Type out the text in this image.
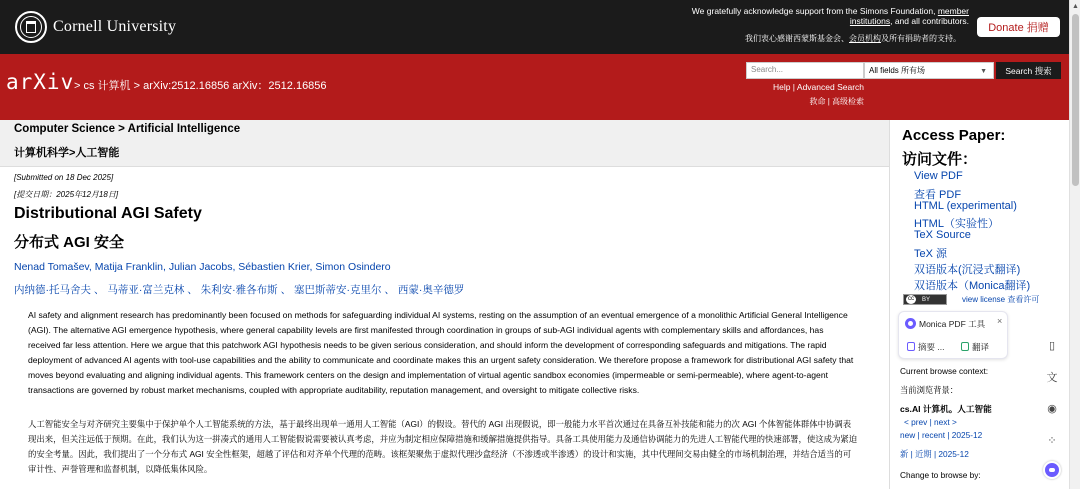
Cornell University
We gratefully acknowledge support from the Simons Foundation, member
institutions, and all contributors.
我们衷心感谢西蒙斯基金会、会员机构及所有捐助者的支持。
Donate 捐赠
arXiv > cs 计算机 > arXiv:2512.16856 arXiv：2512.16856
Search...	All fields 所有场	▼	Search 搜索
Help | Advanced Search
救命 | 高级检索
Computer Science > Artificial Intelligence
计算机科学>人工智能
[Submitted on 18 Dec 2025]
[提交日期：2025年12月18日]
Distributional AGI Safety
分布式 AGI 安全
Nenad Tomašev, Matija Franklin, Julian Jacobs, Sébastien Krier, Simon Osindero
内纳德·托马舍夫 、 马蒂亚·富兰克林 、 朱利安·雅各布斯 、 塞巴斯蒂安·克里尔 、 西蒙·奥辛德罗
AI safety and alignment research has predominantly been focused on methods for safeguarding individual AI systems, resting on the assumption of an eventual emergence of a monolithic Artificial General Intelligence (AGI). The alternative AGI emergence hypothesis, where general capability levels are first manifested through coordination in groups of sub-AGI individual agents with complementary skills and affordances, has received far less attention. Here we argue that this patchwork AGI hypothesis needs to be given serious consideration, and should inform the development of corresponding safeguards and mitigations. The rapid deployment of advanced AI agents with tool-use capabilities and the ability to communicate and coordinate makes this an urgent safety consideration. We therefore propose a framework for distributional AGI safety that moves beyond evaluating and aligning individual agents. This framework centers on the design and implementation of virtual agentic sandbox economies (impermeable or semi-permeable), where agent-to-agent transactions are governed by robust market mechanisms, coupled with appropriate auditability, reputation management, and oversight to mitigate collective risks.
人工智能安全与对齐研究主要集中于保护单个人工智能系统的方法，基于最终出现单一通用人工智能（AGI）的假设。替代的 AGI 出现假说，即一般能力水平首次通过在具备互补技能和能力的次 AGI 个体智能体群体中协调表现出来，但关注远低于预期。在此，我们认为这一拼凑式的通用人工智能假说需要被认真考虑，并应为制定相应保障措施和缓解措施提供指导。具备工具使用能力及通信协调能力的先进人工智能代理的快速部署，使这成为紧迫的安全考量。因此，我们提出了一个分布式 AGI 安全性框架，超越了评估和对齐单个代理的范畴。该框架聚焦于虚拟代理沙盒经济（不渗透或半渗透）的设计和实施，其中代理间交易由健全的市场机制治理，并结合适当的可审计性、声誉管理和监督机制，以降低集体风险。
Access Paper:
访问文件：
View PDF
查看 PDF
HTML (experimental)
HTML（实验性）
TeX Source
TeX 源
双语版本(沉浸式翻译)
双语版本（Monica翻译)
cc	BY	view license 查看许可
Monica PDF 工具 ×
摘要 ...	翻译
Current browse context:
当前浏览背景：
cs.AI 计算机。人工智能
< prev | next >
new | recent | 2025-12
新 | 近期 | 2025-12
Change to browse by:
▯
文
◉
⁘
▲
